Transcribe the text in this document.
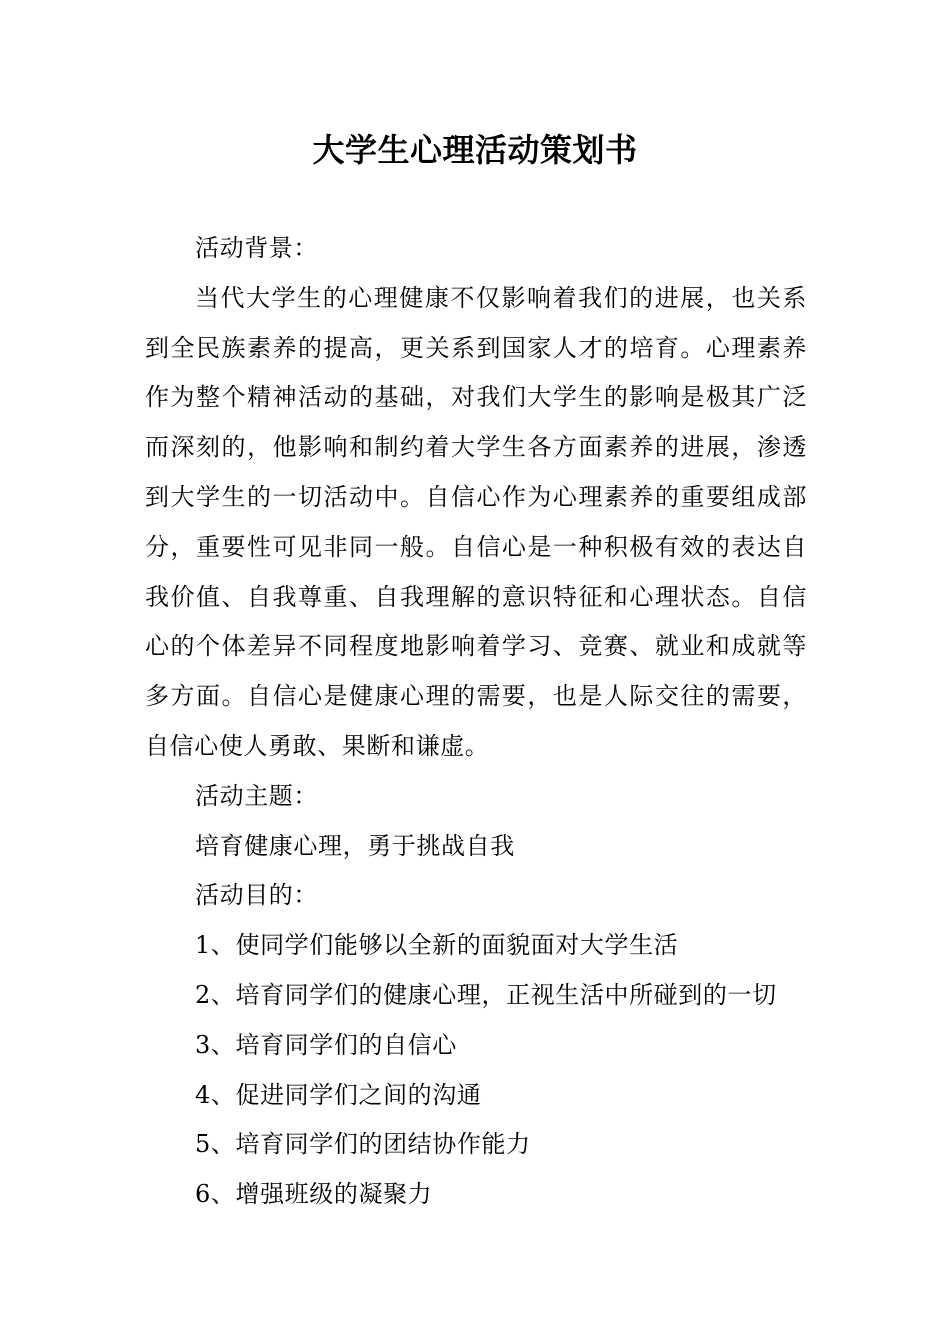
大学生心理活动策划书

活动背景：

当代大学生的心理健康不仅影响着我们的进展，也关系到全民族素养的提高，更关系到国家人才的培育。心理素养作为整个精神活动的基础，对我们大学生的影响是极其广泛而深刻的，他影响和制约着大学生各方面素养的进展，渗透到大学生的一切活动中。自信心作为心理素养的重要组成部分，重要性可见非同一般。自信心是一种积极有效的表达自我价值、自我尊重、自我理解的意识特征和心理状态。自信心的个体差异不同程度地影响着学习、竞赛、就业和成就等多方面。自信心是健康心理的需要，也是人际交往的需要，自信心使人勇敢、果断和谦虚。

活动主题：

培育健康心理，勇于挑战自我

活动目的：

1、使同学们能够以全新的面貌面对大学生活

2、培育同学们的健康心理，正视生活中所碰到的一切

3、培育同学们的自信心

4、促进同学们之间的沟通

5、培育同学们的团结协作能力

6、增强班级的凝聚力
